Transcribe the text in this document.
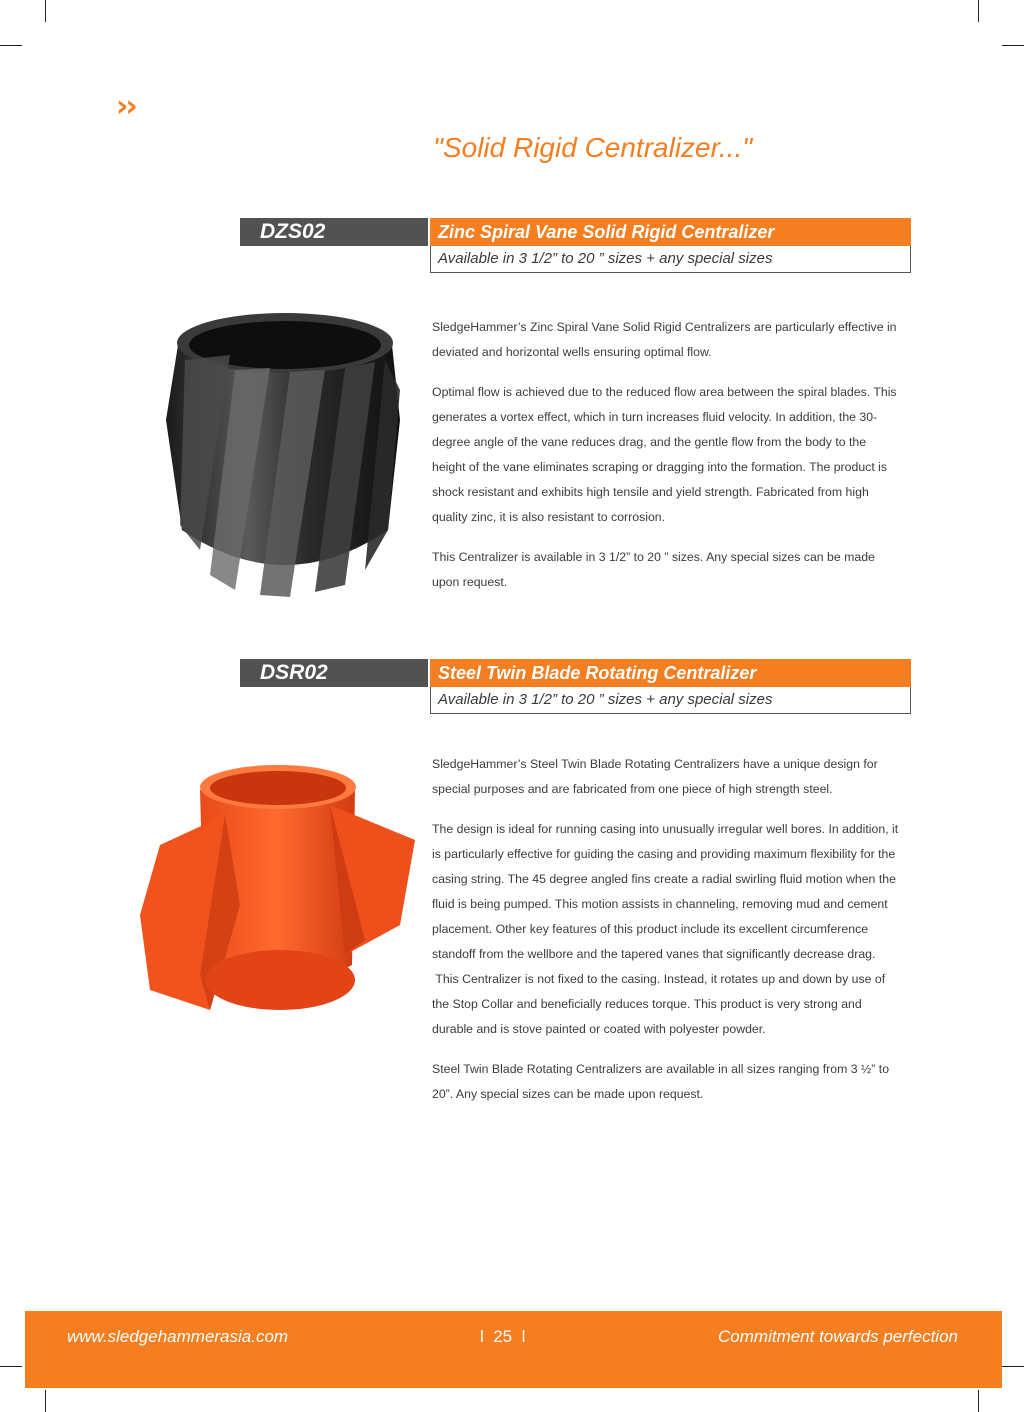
››
"Solid Rigid Centralizer..."
DZS02	Zinc Spiral Vane Solid Rigid Centralizer
Available in 3 1/2” to 20 ” sizes + any special sizes

SledgeHammer’s Zinc Spiral Vane Solid Rigid Centralizers are particularly effective in deviated and horizontal wells ensuring optimal flow.

Optimal flow is achieved due to the reduced flow area between the spiral blades. This generates a vortex effect, which in turn increases fluid velocity. In addition, the 30-degree angle of the vane reduces drag, and the gentle flow from the body to the height of the vane eliminates scraping or dragging into the formation. The product is shock resistant and exhibits high tensile and yield strength. Fabricated from high quality zinc, it is also resistant to corrosion.

This Centralizer is available in 3 1/2” to 20 ” sizes. Any special sizes can be made upon request.

DSR02	Steel Twin Blade Rotating Centralizer
Available in 3 1/2” to 20 ” sizes + any special sizes

SledgeHammer’s Steel Twin Blade Rotating Centralizers have a unique design for special purposes and are fabricated from one piece of high strength steel.

The design is ideal for running casing into unusually irregular well bores. In addition, it is particularly effective for guiding the casing and providing maximum flexibility for the casing string. The 45 degree angled fins create a radial swirling fluid motion when the fluid is being pumped. This motion assists in channeling, removing mud and cement placement. Other key features of this product include its excellent circumference standoff from the wellbore and the tapered vanes that significantly decrease drag.  This Centralizer is not fixed to the casing. Instead, it rotates up and down by use of the Stop Collar and beneficially reduces torque. This product is very strong and durable and is stove painted or coated with polyester powder.

Steel Twin Blade Rotating Centralizers are available in all sizes ranging from 3 ½” to 20”. Any special sizes can be made upon request.

www.sledgehammerasia.com	l  25  l	Commitment towards perfection
